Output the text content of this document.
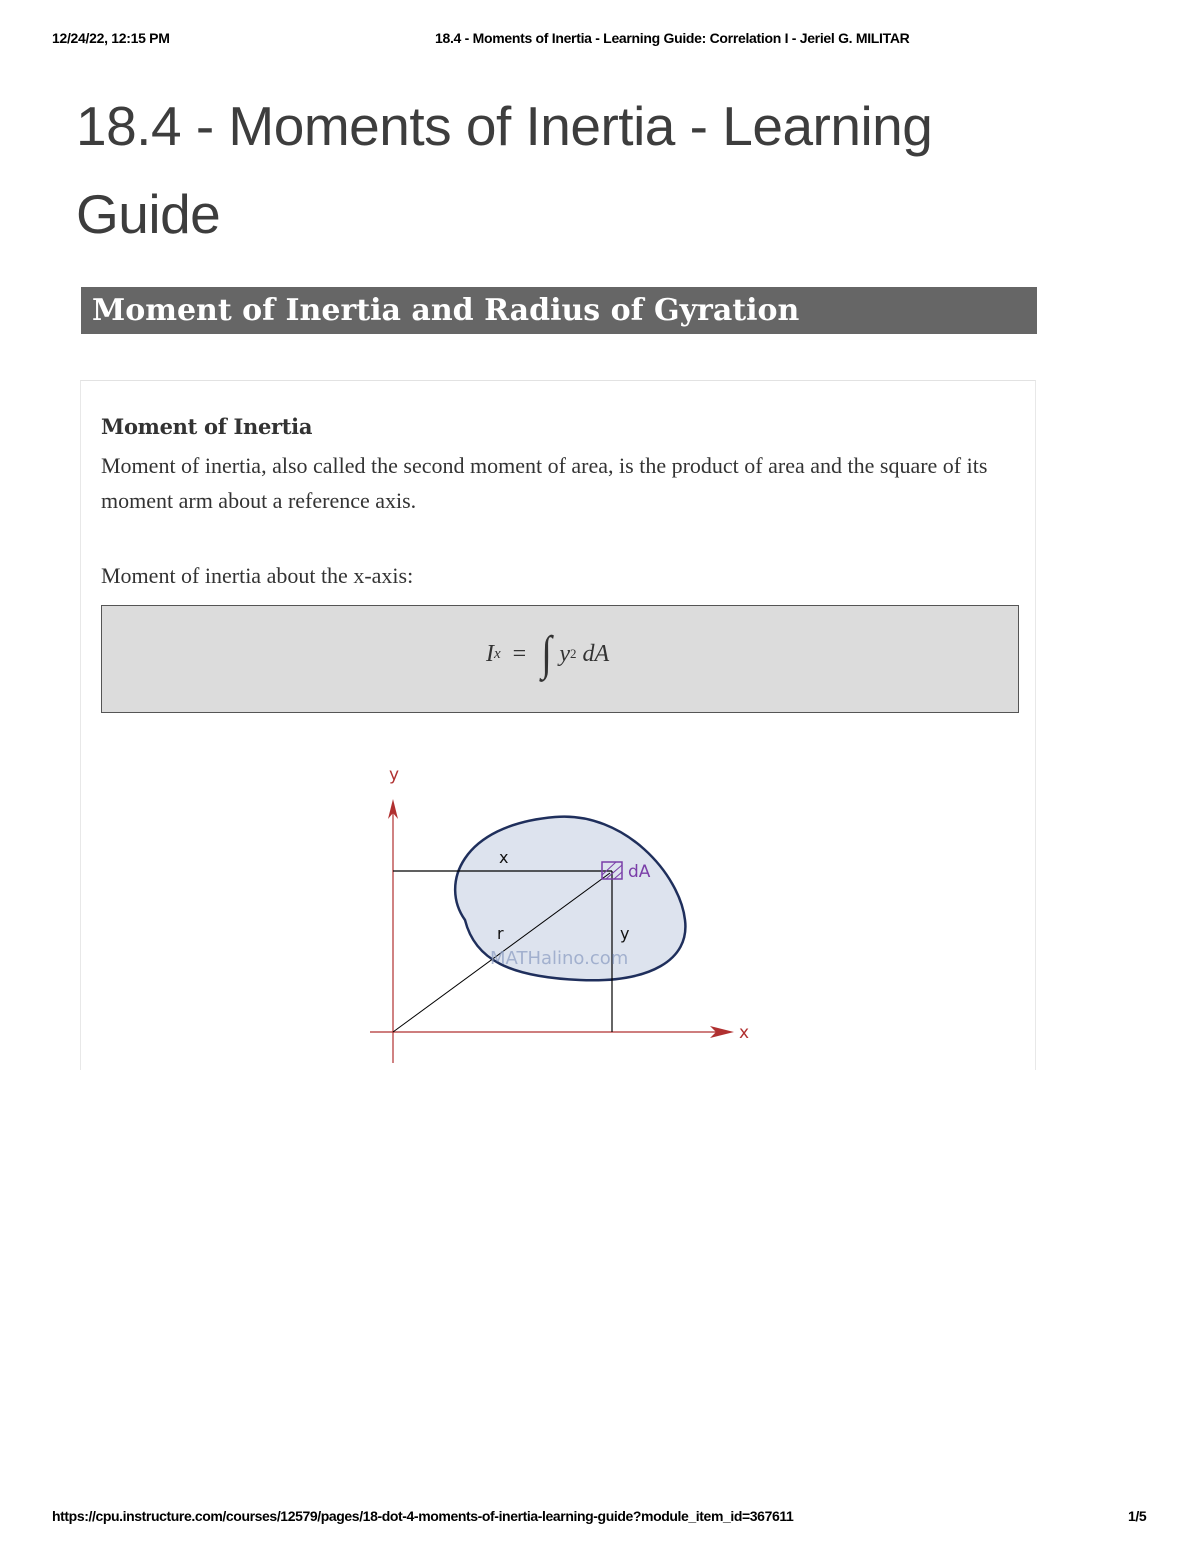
12/24/22, 12:15 PM	18.4 - Moments of Inertia - Learning Guide: Correlation I - Jeriel G. MILITAR
18.4 - Moments of Inertia - Learning Guide
Moment of Inertia and Radius of Gyration
Moment of Inertia
Moment of inertia, also called the second moment of area, is the product of area and the square of its moment arm about a reference axis.
Moment of inertia about the x-axis:
I x = ∫ y 2 dA
y
x
x
dA
r	y
MATHalino.com
https://cpu.instructure.com/courses/12579/pages/18-dot-4-moments-of-inertia-learning-guide?module_item_id=367611	1/5
